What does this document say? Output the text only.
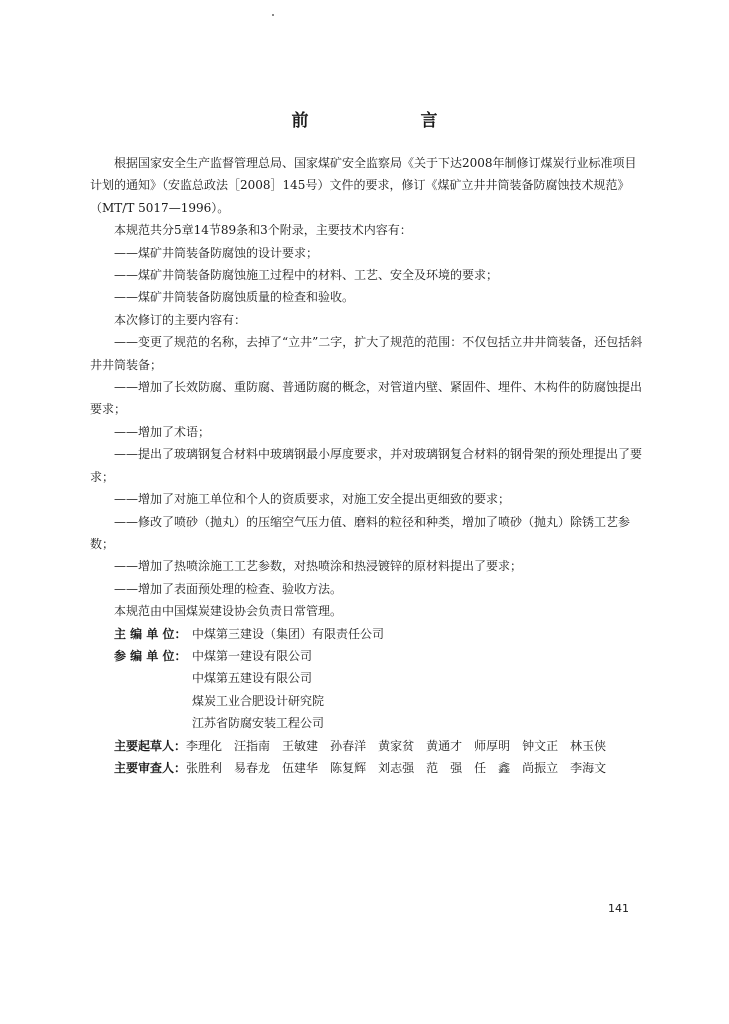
前　　言

根据国家安全生产监督管理总局、国家煤矿安全监察局《关于下达2008年制修订煤炭行业标准项目计划的通知》（安监总政法［2008］145号）文件的要求，修订《煤矿立井井筒装备防腐蚀技术规范》（MT/T 5017—1996）。

本规范共分5章14节89条和3个附录，主要技术内容有：

——煤矿井筒装备防腐蚀的设计要求；

——煤矿井筒装备防腐蚀施工过程中的材料、工艺、安全及环境的要求；

——煤矿井筒装备防腐蚀质量的检查和验收。

本次修订的主要内容有：

——变更了规范的名称，去掉了“立井”二字，扩大了规范的范围：不仅包括立井井筒装备，还包括斜井井筒装备；

——增加了长效防腐、重防腐、普通防腐的概念，对管道内壁、紧固件、埋件、木构件的防腐蚀提出要求；

——增加了术语；

——提出了玻璃钢复合材料中玻璃钢最小厚度要求，并对玻璃钢复合材料的钢骨架的预处理提出了要求；

——增加了对施工单位和个人的资质要求，对施工安全提出更细致的要求；

——修改了喷砂（抛丸）的压缩空气压力值、磨料的粒径和种类，增加了喷砂（抛丸）除锈工艺参数；

——增加了热喷涂施工工艺参数，对热喷涂和热浸镀锌的原材料提出了要求；

——增加了表面预处理的检查、验收方法。

本规范由中国煤炭建设协会负责日常管理。

主 编 单 位： 中煤第三建设（集团）有限责任公司
参 编 单 位： 中煤第一建设有限公司
中煤第五建设有限公司
煤炭工业合肥设计研究院
江苏省防腐安装工程公司
主要起草人： 李理化 汪指南 王敏建 孙春洋 黄家贫 黄通才 师厚明 钟文正 林玉侠
主要审查人： 张胜利 易春龙 伍建华 陈复辉 刘志强 范　强 任　鑫 尚振立 李海文
141
